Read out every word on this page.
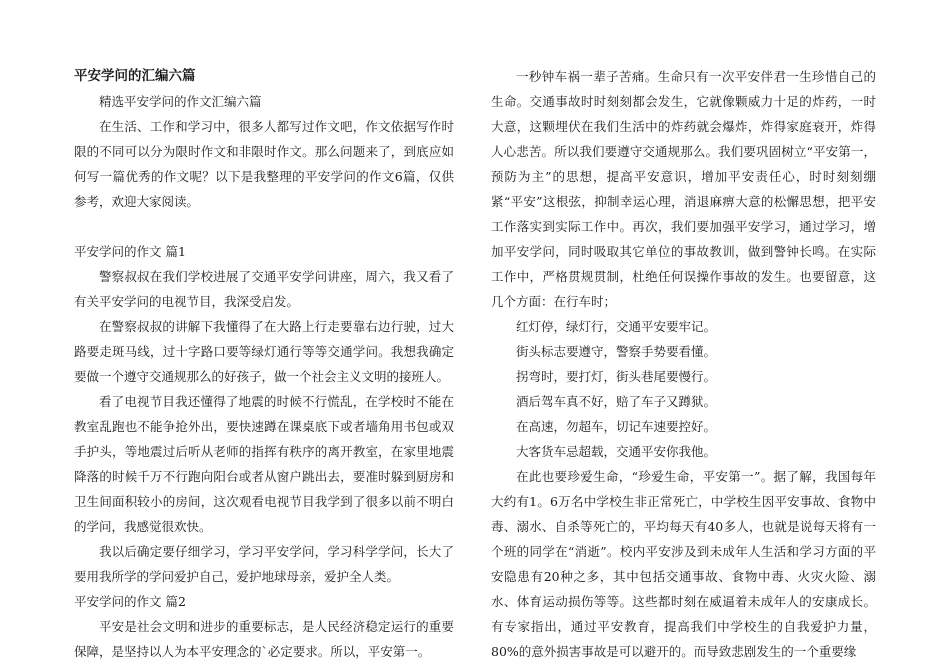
平安学问的汇编六篇

精选平安学问的作文汇编六篇

在生活、工作和学习中，很多人都写过作文吧，作文依据写作时限的不同可以分为限时作文和非限时作文。那么问题来了，到底应如何写一篇优秀的作文呢？以下是我整理的平安学问的作文6篇，仅供参考，欢迎大家阅读。

平安学问的作文 篇1

警察叔叔在我们学校进展了交通平安学问讲座，周六，我又看了有关平安学问的电视节目，我深受启发。

在警察叔叔的讲解下我懂得了在大路上行走要靠右边行驶，过大路要走斑马线，过十字路口要等绿灯通行等等交通学问。我想我确定要做一个遵守交通规那么的好孩子，做一个社会主义文明的接班人。

看了电视节目我还懂得了地震的时候不行慌乱，在学校时不能在教室乱跑也不能争抢外出，要快速蹲在课桌底下或者墙角用书包或双手护头，等地震过后听从老师的指挥有秩序的离开教室，在家里地震降落的时候千万不行跑向阳台或者从窗户跳出去，要准时躲到厨房和卫生间面积较小的房间，这次观看电视节目我学到了很多以前不明白的学问，我感觉很欢快。

我以后确定要仔细学习，学习平安学问，学习科学学问，长大了要用我所学的学问爱护自己，爱护地球母亲，爱护全人类。

平安学问的作文 篇2

平安是社会文明和进步的重要标志，是人民经济稳定运行的重要保障，是坚持以人为本平安理念的`必定要求。所以，平安第一。

一秒钟车祸一辈子苦痛。生命只有一次平安伴君一生珍惜自己的生命。交通事故时时刻刻都会发生，它就像颗威力十足的炸药，一时大意，这颗埋伏在我们生活中的炸药就会爆炸，炸得家庭衰开，炸得人心悲苦。所以我们要遵守交通规那么。我们要巩固树立“平安第一，预防为主”的思想，提高平安意识，增加平安责任心，时时刻刻绷紧“平安”这根弦，抑制幸运心理，消退麻痹大意的松懈思想，把平安工作落实到实际工作中。再次，我们要加强平安学习，通过学习，增加平安学问，同时吸取其它单位的事故教训，做到警钟长鸣。在实际工作中，严格贯规贯制，杜绝任何误操作事故的发生。也要留意，这几个方面：在行车时；

红灯停，绿灯行，交通平安要牢记。

街头标志要遵守，警察手势要看懂。

拐弯时，要打灯，街头巷尾要慢行。

酒后驾车真不好，赔了车子又蹲狱。

在高速，勿超车，切记车速要控好。

大客货车忌超载，交通平安你我他。

在此也要珍爱生命，“珍爱生命，平安第一”。据了解，我国每年大约有1。6万名中学校生非正常死亡，中学校生因平安事故、食物中毒、溺水、自杀等死亡的，平均每天有40多人，也就是说每天将有一个班的同学在“消逝”。校内平安涉及到未成年人生活和学习方面的平安隐患有20种之多，其中包括交通事故、食物中毒、火灾火险、溺水、体育运动损伤等等。这些都时刻在威逼着未成年人的安康成长。有专家指出，通过平安教育，提高我们中学校生的自我爱护力量，80%的意外损害事故是可以避开的。而导致悲剧发生的一个重要缘
